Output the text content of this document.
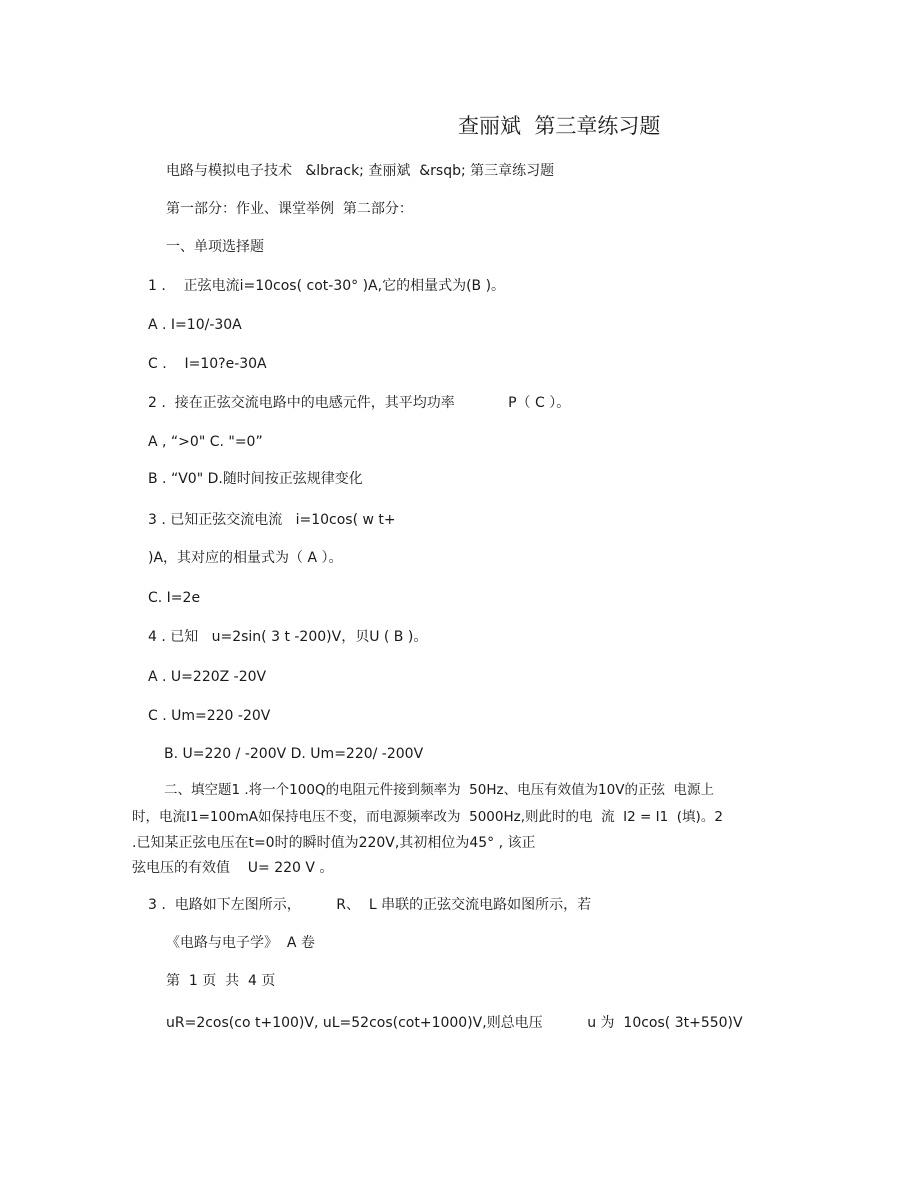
查丽斌  第三章练习题
电路与模拟电子技术   &lbrack; 查丽斌  &rsqb; 第三章练习题
第一部分：作业、课堂举例  第二部分：
一、单项选择题
1 .    正弦电流i=10cos( cot-30° )A,它的相量式为(B )。
A . I=10/-30A
C .    I=10?e-30A
2 .  接在正弦交流电路中的电感元件，其平均功率            P（ C ）。
A , “>0" C. "=0”
B . “V0" D.随时间按正弦规律变化
3 . 已知正弦交流电流   i=10cos( w t+
)A，其对应的相量式为（ A ）。
C. I=2e
4 . 已知   u=2sin( 3 t -200)V，贝U ( B )。
A . U=220Z -20V
C . Um=220 -20V
B. U=220 / -200V D. Um=220/ -200V
二、填空题1 .将一个100Q的电阻元件接到频率为  50Hz、电压有效值为10V的正弦  电源上
时，电流I1=100mA如保持电压不变，而电源频率改为  5000Hz,则此时的电  流  I2 = I1  (填)。2
.已知某正弦电压在t=0时的瞬时值为220V,其初相位为45° , 该正
弦电压的有效值    U= 220 V 。
3 .  电路如下左图所示，        R、  L 串联的正弦交流电路如图所示，若
《电路与电子学》  A 卷
第  1 页  共  4 页
uR=2cos(co t+100)V, uL=52cos(cot+1000)V,则总电压          u 为  10cos( 3t+550)V
